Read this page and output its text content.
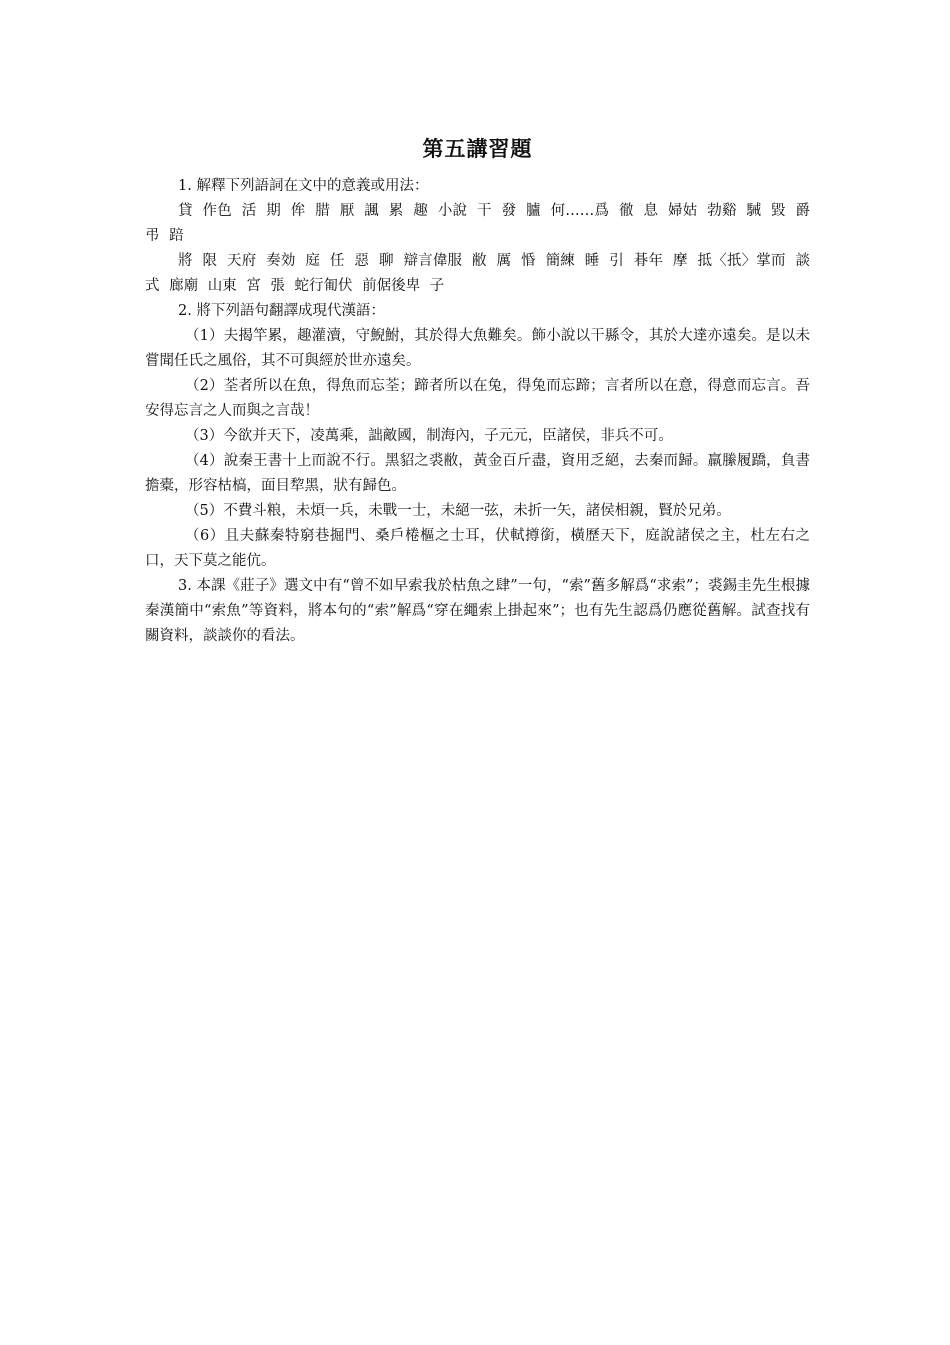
第五講習題

1. 解釋下列語詞在文中的意義或用法：

貸 作色 活 期 侔 腊 厭 諷 累 趣 小說 干 發 臚 何……爲 徹 息 婦姑 勃谿 駴 毀 爵 弔 踣

將 限 天府 奏効 庭 任 惡 聊 辯言偉服 敝 厲 惛 簡練 睡 引 朞年 摩 抵〈扺〉掌而 談 式 廊廟 山東 宮 張 蛇行匍伏 前倨後卑 子

2. 將下列語句翻譯成現代漢語：

（1）夫揭竿累，趣灌瀆，守鯢鮒，其於得大魚難矣。飾小說以干縣令，其於大達亦遠矣。是以未嘗聞任氏之風俗，其不可與經於世亦遠矣。

（2）荃者所以在魚，得魚而忘荃；蹄者所以在兔，得兔而忘蹄；言者所以在意，得意而忘言。吾安得忘言之人而與之言哉！

（3）今欲并天下，凌萬乘，詘敵國，制海內，子元元，臣諸侯，非兵不可。

（4）說秦王書十上而說不行。黑貂之裘敝，黃金百斤盡，資用乏絕，去秦而歸。羸縢履蹻，負書擔橐，形容枯槁，面目犂黑，狀有歸色。

（5）不費斗粮，未煩一兵，未戰一士，未絕一弦，未折一矢，諸侯相親，賢於兄弟。

（6）且夫蘇秦特窮巷掘門、桑戶棬樞之士耳，伏軾撙銜，橫歷天下，庭說諸侯之主，杜左右之口，天下莫之能伉。

3. 本課《莊子》選文中有“曾不如早索我於枯魚之肆”一句，“索”舊多解爲“求索”；裘錫圭先生根據秦漢簡中“索魚”等資料，將本句的“索”解爲“穿在繩索上掛起來”；也有先生認爲仍應從舊解。試查找有關資料，談談你的看法。
